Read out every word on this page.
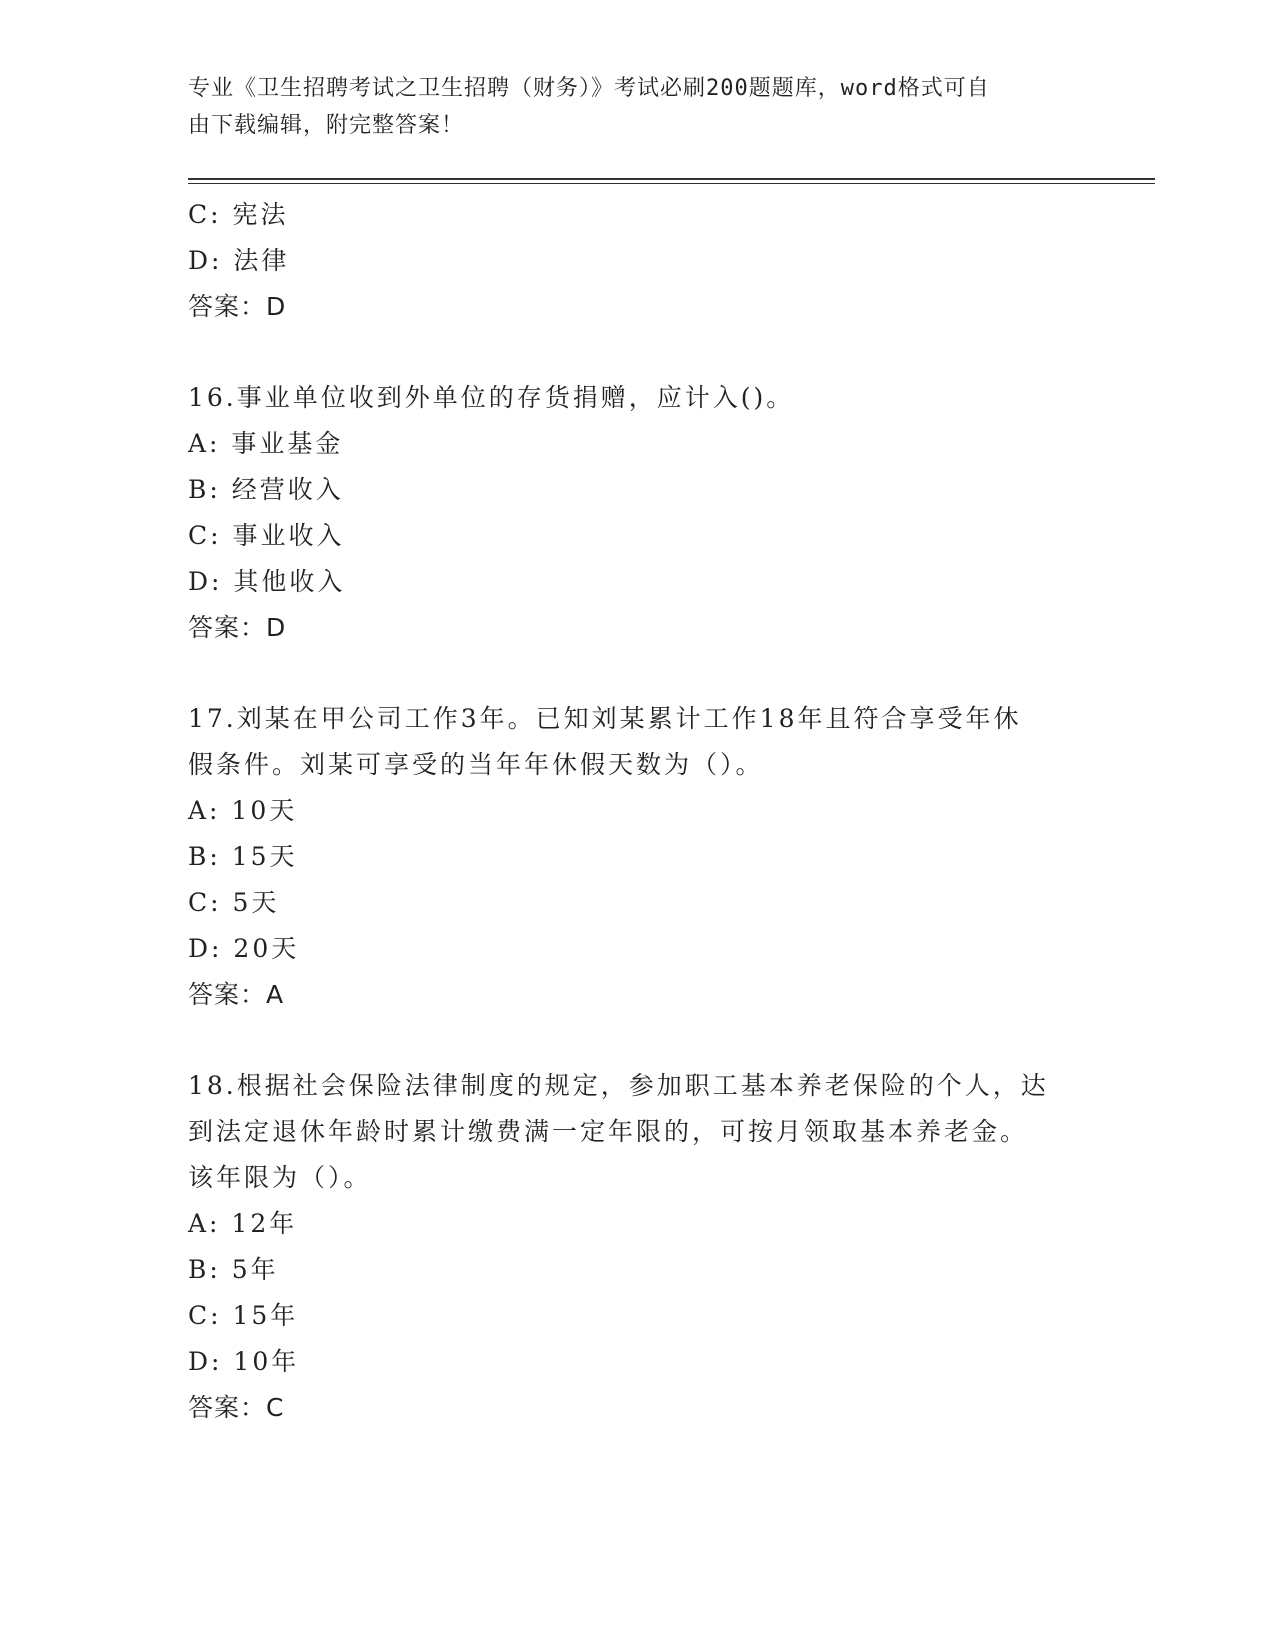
专业《卫生招聘考试之卫生招聘（财务）》考试必刷200题题库，word格式可自
由下载编辑，附完整答案！
C: 宪法
D: 法律
答案：D
16.事业单位收到外单位的存货捐赠，应计入()。
A: 事业基金
B: 经营收入
C: 事业收入
D: 其他收入
答案：D
17.刘某在甲公司工作3年。已知刘某累计工作18年且符合享受年休
假条件。刘某可享受的当年年休假天数为（）。
A: 10天
B: 15天
C: 5天
D: 20天
答案：A
18.根据社会保险法律制度的规定，参加职工基本养老保险的个人，达
到法定退休年龄时累计缴费满一定年限的，可按月领取基本养老金。
该年限为（）。
A: 12年
B: 5年
C: 15年
D: 10年
答案：C
